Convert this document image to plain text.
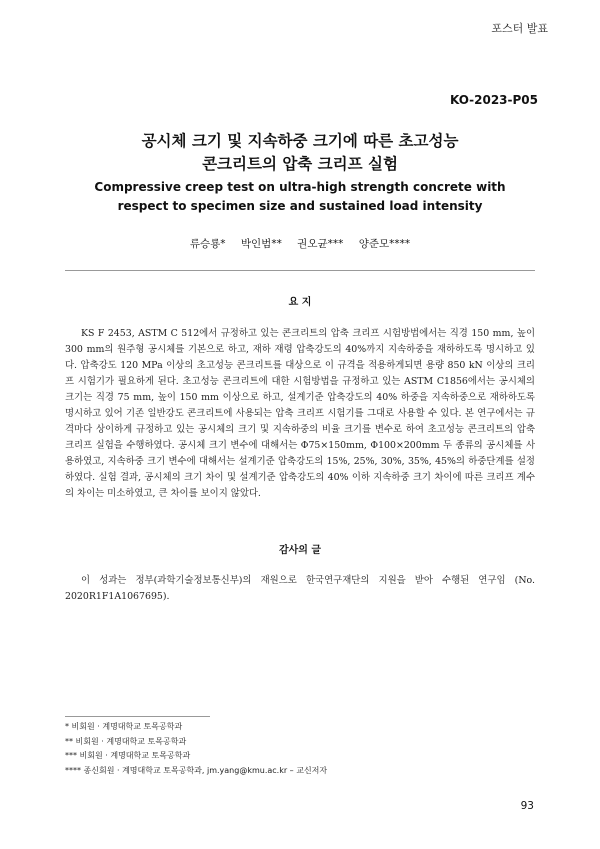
포스터 발표
KO-2023-P05
공시체 크기 및 지속하중 크기에 따른 초고성능
콘크리트의 압축 크리프 실험
Compressive creep test on ultra-high strength concrete with
respect to specimen size and sustained load intensity
류승룡* 박인범** 권오균*** 양준모****
요 지

KS F 2453, ASTM C 512에서 규정하고 있는 콘크리트의 압축 크리프 시험방법에서는 직경 150 mm, 높이 300 mm의 원주형 공시체를 기본으로 하고, 재하 재령 압축강도의 40%까지 지속하중을 재하하도록 명시하고 있다. 압축강도 120 MPa 이상의 초고성능 콘크리트를 대상으로 이 규격을 적용하게되면 용량 850 kN 이상의 크리프 시험기가 필요하게 된다. 초고성능 콘크리트에 대한 시험방법을 규정하고 있는 ASTM C1856에서는 공시체의 크기는 직경 75 mm, 높이 150 mm 이상으로 하고, 설계기준 압축강도의 40% 하중을 지속하중으로 재하하도록 명시하고 있어 기존 일반강도 콘크리트에 사용되는 압축 크리프 시험기를 그대로 사용할 수 있다. 본 연구에서는 규격마다 상이하게 규정하고 있는 공시체의 크기 및 지속하중의 비율 크기를 변수로 하여 초고성능 콘크리트의 압축 크리프 실험을 수행하였다. 공시체 크기 변수에 대해서는 Φ75×150mm, Φ100×200mm 두 종류의 공시체를 사용하였고, 지속하중 크기 변수에 대해서는 설계기준 압축강도의 15%, 25%, 30%, 35%, 45%의 하중단계를 설정하였다. 실험 결과, 공시체의 크기 차이 및 설계기준 압축강도의 40% 이하 지속하중 크기 차이에 따른 크리프 계수의 차이는 미소하였고, 큰 차이를 보이지 않았다.

감사의 글

이 성과는 정부(과학기술정보통신부)의 재원으로 한국연구재단의 지원을 받아 수행된 연구임 (No. 2020R1F1A1067695).

* 비회원 · 계명대학교 토목공학과
** 비회원 · 계명대학교 토목공학과
*** 비회원 · 계명대학교 토목공학과
**** 종신회원 · 계명대학교 토목공학과, jm.yang@kmu.ac.kr – 교신저자
93
